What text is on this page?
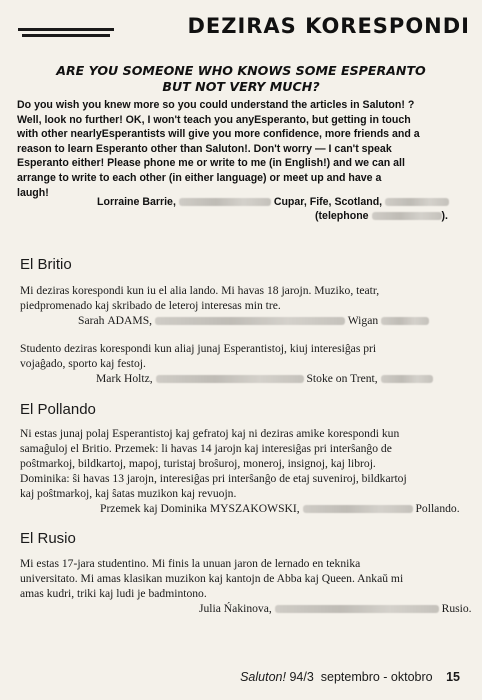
DEZIRAS KORESPONDI
ARE YOU SOMEONE WHO KNOWS SOME ESPERANTO
BUT NOT VERY MUCH?
Do you wish you knew more so you could understand the articles in Saluton! ?
Well, look no further! OK, I won't teach you anyEsperanto, but getting in touch
with other nearlyEsperantists will give you more confidence, more friends and a
reason to learn Esperanto other than Saluton!. Don't worry — I can't speak
Esperanto either! Please phone me or write to me (in English!) and we can all
arrange to write to each other (in either language) or meet up and have a
laugh!
Lorraine Barrie,	Cupar, Fife, Scotland,
(telephone	).
El Britio
Mi deziras korespondi kun iu el alia lando. Mi havas 18 jarojn. Muziko, teatr,
piedpromenado kaj skribado de leteroj interesas min tre.
Sarah ADAMS,	Wigan
Studento deziras korespondi kun aliaj junaj Esperantistoj, kiuj interesiĝas pri
vojaĝado, sporto kaj festoj.
Mark Holtz,	Stoke on Trent,
El Pollando
Ni estas junaj polaj Esperantistoj kaj gefratoj kaj ni deziras amike korespondi kun
samaĝuloj el Britio. Przemek: li havas 14 jarojn kaj interesiĝas pri interŝanĝo de
poŝtmarkoj, bildkartoj, mapoj, turistaj broŝuroj, moneroj, insignoj, kaj libroj.
Dominika: ŝi havas 13 jarojn, interesiĝas pri interŝanĝo de etaj suveniroj, bildkartoj
kaj poŝtmarkoj, kaj ŝatas muzikon kaj revuojn.
Przemek kaj Dominika MYSZAKOWSKI,	Pollando.
El Rusio
Mi estas 17-jara studentino. Mi finis la unuan jaron de lernado en teknika
universitato. Mi amas klasikan muzikon kaj kantojn de Abba kaj Queen. Ankaŭ mi
amas kudri, triki kaj ludi je badmintono.
Julia Ńakinova,	Rusio.
Saluton! 94/3 septembro - oktobro 15
